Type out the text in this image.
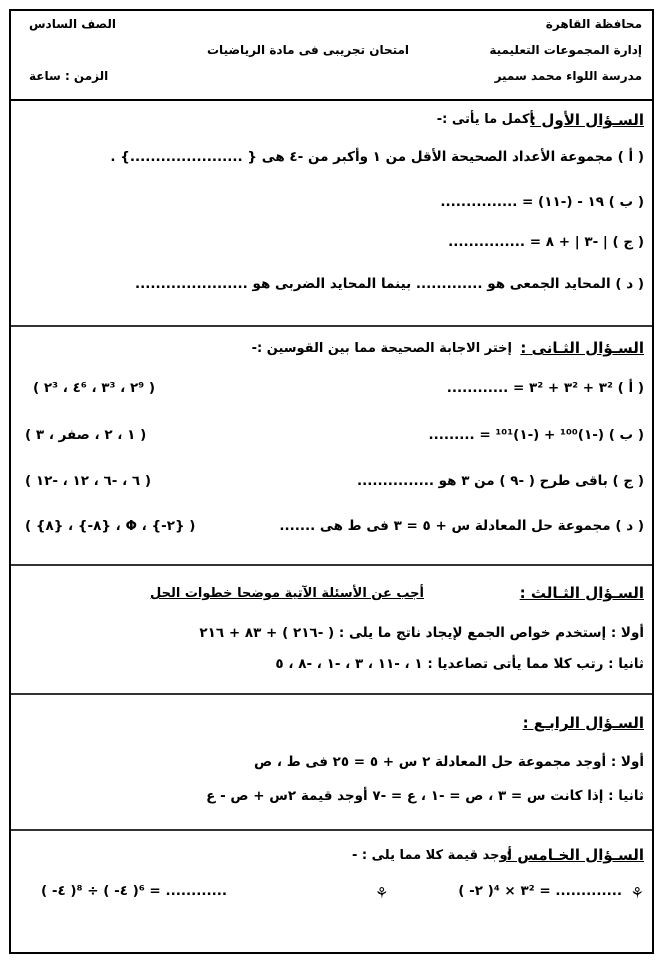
محافظة القاهرة
إدارة المجموعات التعليمية
مدرسة اللواء محمد سمير
الصف السادس
امتحان تجريبى فى مادة الرياضيات
الزمن : ساعة
السـؤال الأول :
أكمل ما يأتى :-
( أ ) مجموعة الأعداد الصحيحة الأقل من ١ وأكبر من -٤ هى { ......................} .
( ب ) ١٩ - (-١١) = ...............
( ج ) | -٣ | + ٨ = ...............
( د ) المحايد الجمعى هو ............. بينما المحايد الضربى هو ......................
السـؤال الثـانى :
إختر الاجابة الصحيحة مما بين القوسين :-
( أ ) ٣² + ٣² + ٣² = ............
( ٢³ ، ٤⁶ ، ٣³ ، ٢⁹ )
( ب ) (-١)¹⁰⁰ + (-١)¹⁰¹ = .........
( ١ ، ٢ ، صفر ، ٣ )
( ج ) باقى طرح ( -٩ ) من ٣ هو ...............
( ٦ ، -٦ ، ١٢ ، -١٢ )
( د ) مجموعة حل المعادلة س + ٥ = ٣ فى ط هى .......
( {٨} ، {-٨} ، Φ ، {-٢} )
السـؤال الثـالث :
أجب عن الأسئلة الآتية موضحا خطوات الحل
أولا : إستخدم خواص الجمع لإيجاد ناتج ما يلى : ( -٢١٦ ) + ٨٣ + ٢١٦
ثانيا : رتب كلا مما يأتى تصاعديا : ١ ، -١١ ، ٣ ، -١ ، -٨ ، ٥
السـؤال الرابـع :
أولا : أوجد مجموعة حل المعادلة ٢ س + ٥ = ٢٥ فى ط ، ص
ثانيا : إذا كانت س = ٣ ، ص = -١ ، ع = -٧ أوجد قيمة ٢س + ص - ع
السـؤال الخـامس :
أوجد قيمة كلا مما يلى : -
⚘
( -٢ )⁴ × ٣² = .............
⚘
( -٤ )⁸ ÷ ( -٤ )⁶ = ............
